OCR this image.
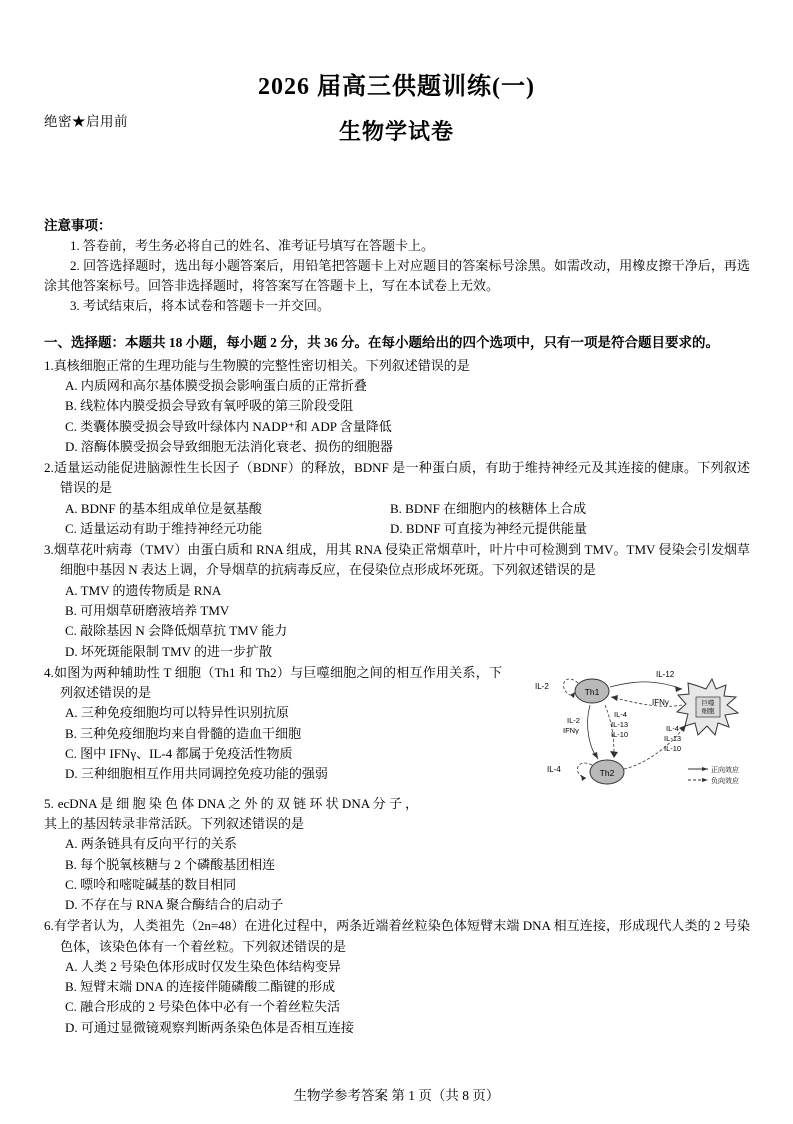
绝密★启用前
2026 届高三供题训练(一)
生物学试卷
注意事项：
1. 答卷前，考生务必将自己的姓名、准考证号填写在答题卡上。
2. 回答选择题时，选出每小题答案后，用铅笔把答题卡上对应题目的答案标号涂黑。如需改动，用橡皮擦干净后，再选涂其他答案标号。回答非选择题时，将答案写在答题卡上，写在本试卷上无效。
3. 考试结束后，将本试卷和答题卡一并交回。
一、选择题：本题共 18 小题，每小题 2 分，共 36 分。在每小题给出的四个选项中，只有一项是符合题目要求的。
1.真核细胞正常的生理功能与生物膜的完整性密切相关。下列叙述错误的是
A. 内质网和高尔基体膜受损会影响蛋白质的正常折叠
B. 线粒体内膜受损会导致有氧呼吸的第三阶段受阻
C. 类囊体膜受损会导致叶绿体内 NADP⁺和 ADP 含量降低
D. 溶酶体膜受损会导致细胞无法消化衰老、损伤的细胞器
2.适量运动能促进脑源性生长因子（BDNF）的释放，BDNF 是一种蛋白质，有助于维持神经元及其连接的健康。下列叙述错误的是
A. BDNF 的基本组成单位是氨基酸	B. BDNF 在细胞内的核糖体上合成
C. 适量运动有助于维持神经元功能	D. BDNF 可直接为神经元提供能量
3.烟草花叶病毒（TMV）由蛋白质和 RNA 组成，用其 RNA 侵染正常烟草叶，叶片中可检测到 TMV。TMV 侵染会引发烟草细胞中基因 N 表达上调，介导烟草的抗病毒反应，在侵染位点形成坏死斑。下列叙述错误的是
A. TMV 的遗传物质是 RNA
B. 可用烟草研磨液培养 TMV
C. 敲除基因 N 会降低烟草抗 TMV 能力
D. 坏死斑能限制 TMV 的进一步扩散
巨噬
细胞
Th1
Th2
IL-2
IL-12
IFNγ
IL-4
IL-13
IL-10
IL-2
IFNγ
IL-4
IL-4
IL-13
IL-10
正向效应
负向效应
4.如图为两种辅助性 T 细胞（Th1 和 Th2）与巨噬细胞之间的相互作用关系，下列叙述错误的是
A. 三种免疫细胞均可以特异性识别抗原
B. 三种免疫细胞均来自骨髓的造血干细胞
C. 图中 IFNγ、IL-4 都属于免疫活性物质
D. 三种细胞相互作用共同调控免疫功能的强弱
5. ecDNA 是 细 胞 染 色 体 DNA 之 外 的 双 链 环 状 DNA 分 子 ，
其上的基因转录非常活跃。下列叙述错误的是
A. 两条链具有反向平行的关系
B. 每个脱氧核糖与 2 个磷酸基团相连
C. 嘌呤和嘧啶碱基的数目相同
D. 不存在与 RNA 聚合酶结合的启动子
6.有学者认为，人类祖先（2n=48）在进化过程中，两条近端着丝粒染色体短臂末端 DNA 相互连接，形成现代人类的 2 号染色体，该染色体有一个着丝粒。下列叙述错误的是
A. 人类 2 号染色体形成时仅发生染色体结构变异
B. 短臂末端 DNA 的连接伴随磷酸二酯键的形成
C. 融合形成的 2 号染色体中必有一个着丝粒失活
D. 可通过显微镜观察判断两条染色体是否相互连接
生物学参考答案 第 1 页（共 8 页）
